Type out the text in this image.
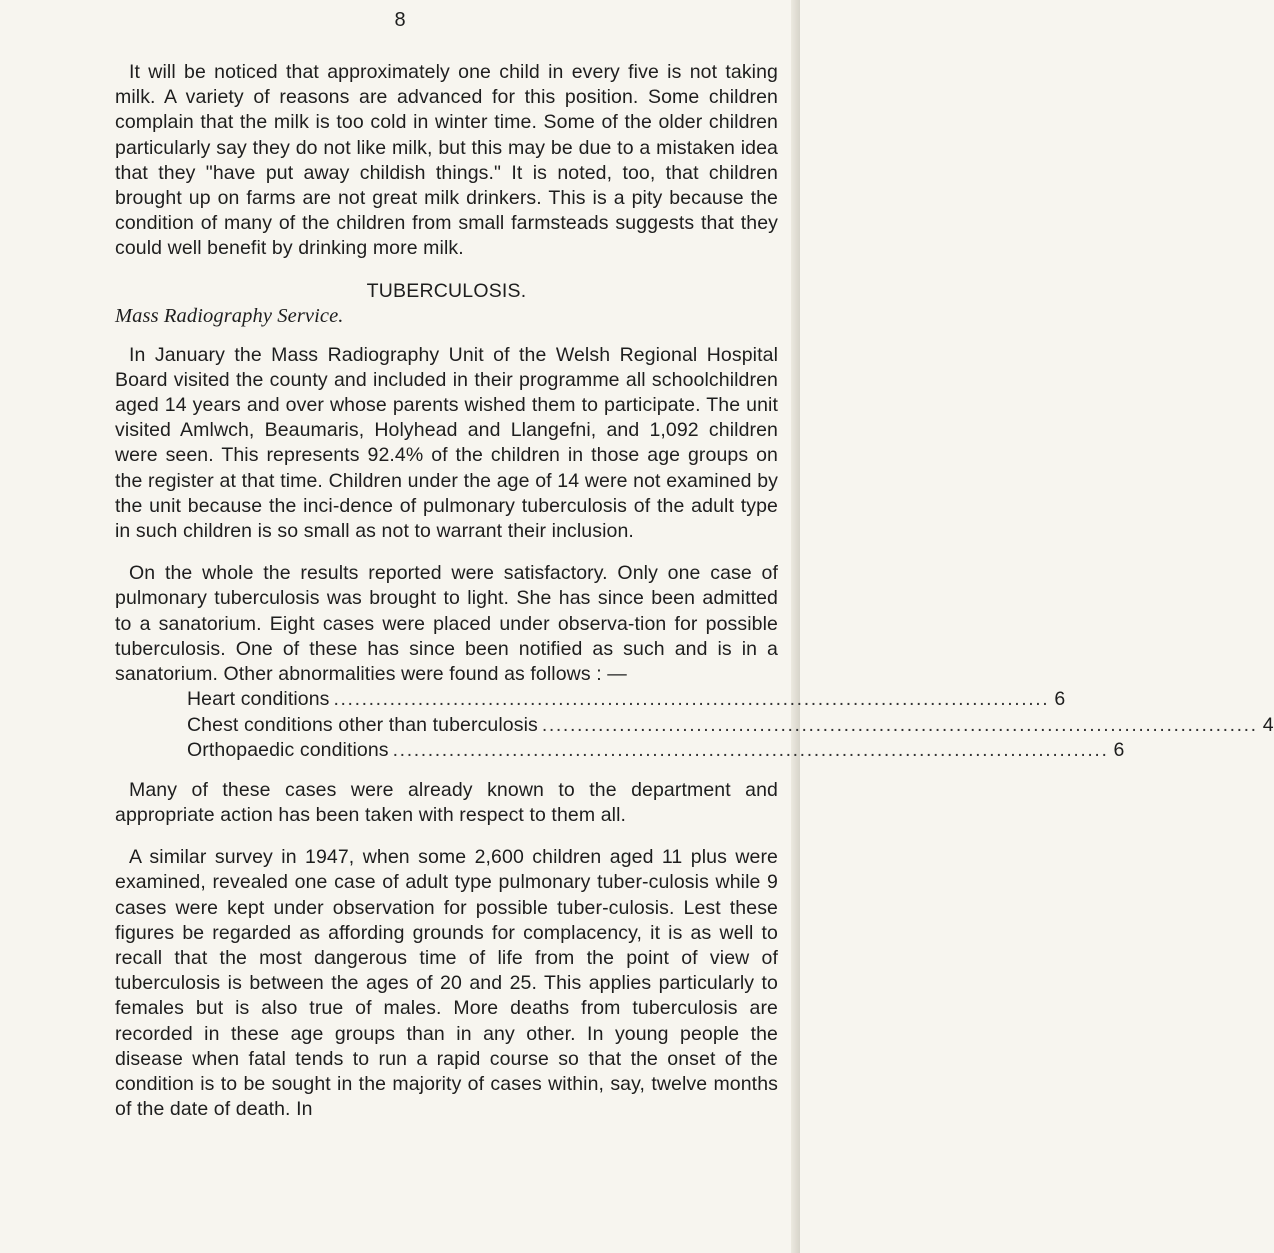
8

It will be noticed that approximately one child in every five is not taking milk. A variety of reasons are advanced for this position. Some children complain that the milk is too cold in winter time. Some of the older children particularly say they do not like milk, but this may be due to a mistaken idea that they "have put away childish things." It is noted, too, that children brought up on farms are not great milk drinkers. This is a pity because the condition of many of the children from small farmsteads suggests that they could well benefit by drinking more milk.

TUBERCULOSIS.
Mass Radiography Service.

In January the Mass Radiography Unit of the Welsh Regional Hospital Board visited the county and included in their programme all schoolchildren aged 14 years and over whose parents wished them to participate. The unit visited Amlwch, Beaumaris, Holyhead and Llangefni, and 1,092 children were seen. This represents 92.4% of the children in those age groups on the register at that time. Children under the age of 14 were not examined by the unit because the inci-dence of pulmonary tuberculosis of the adult type in such children is so small as not to warrant their inclusion.

On the whole the results reported were satisfactory. Only one case of pulmonary tuberculosis was brought to light. She has since been admitted to a sanatorium. Eight cases were placed under observa-tion for possible tuberculosis. One of these has since been notified as such and is in a sanatorium. Other abnormalities were found as follows : —

Heart conditions ...................................................................................................... 6
Chest conditions other than tuberculosis ...................................................................................................... 4
Orthopaedic conditions ...................................................................................................... 6

Many of these cases were already known to the department and appropriate action has been taken with respect to them all.

A similar survey in 1947, when some 2,600 children aged 11 plus were examined, revealed one case of adult type pulmonary tuber-culosis while 9 cases were kept under observation for possible tuber-culosis. Lest these figures be regarded as affording grounds for complacency, it is as well to recall that the most dangerous time of life from the point of view of tuberculosis is between the ages of 20 and 25. This applies particularly to females but is also true of males. More deaths from tuberculosis are recorded in these age groups than in any other. In young people the disease when fatal tends to run a rapid course so that the onset of the condition is to be sought in the majority of cases within, say, twelve months of the date of death. In
